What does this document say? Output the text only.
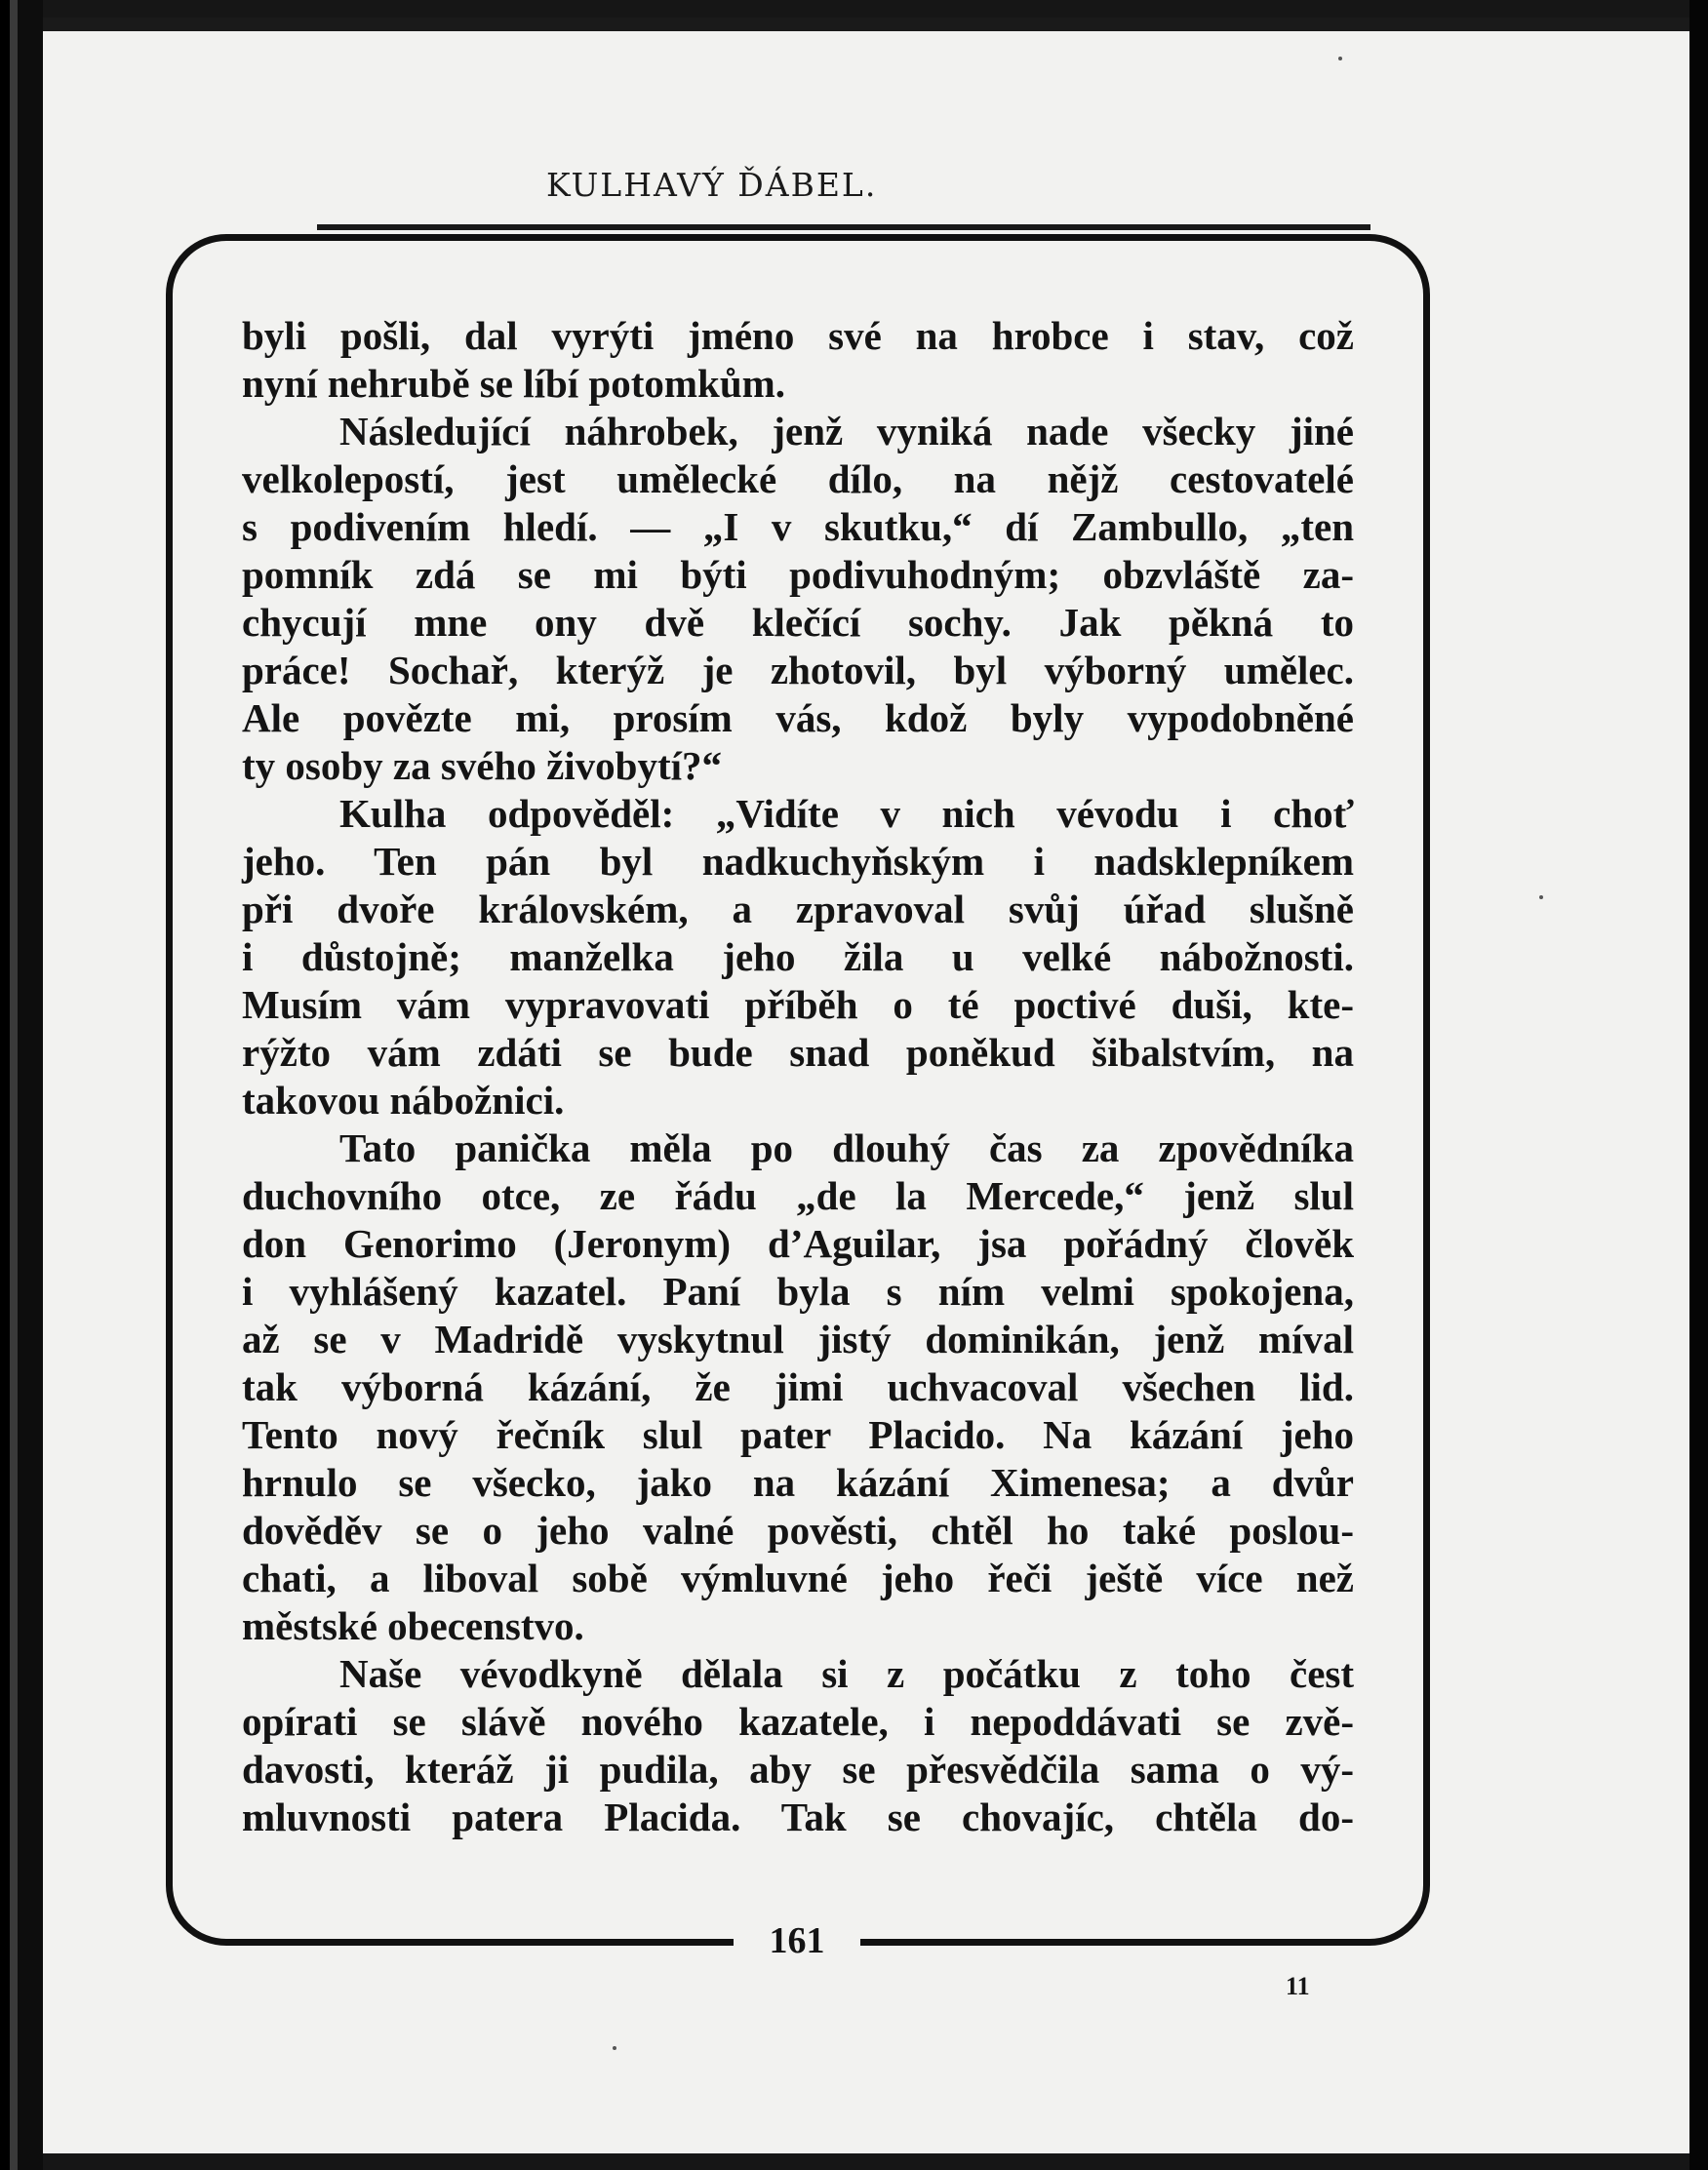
KULHAVÝ ĎÁBEL.
byli pošli, dal vyrýti jméno své na hrobce i stav, což
nyní nehrubě se líbí potomkům.
Následující náhrobek, jenž vyniká nade všecky jiné
velkolepostí, jest umělecké dílo, na nějž cestovatelé
s podivením hledí. — „I v skutku,“ dí Zambullo, „ten
pomník zdá se mi býti podivuhodným; obzvláště za-
chycují mne ony dvě klečící sochy. Jak pěkná to
práce! Sochař, kterýž je zhotovil, byl výborný umělec.
Ale povězte mi, prosím vás, kdož byly vypodobněné
ty osoby za svého živobytí?“
Kulha odpověděl: „Vidíte v nich vévodu i choť
jeho. Ten pán byl nadkuchyňským i nadsklepníkem
při dvoře královském, a zpravoval svůj úřad slušně
i důstojně; manželka jeho žila u velké nábožnosti.
Musím vám vypravovati příběh o té poctivé duši, kte-
rýžto vám zdáti se bude snad poněkud šibalstvím, na
takovou nábožnici.
Tato panička měla po dlouhý čas za zpovědníka
duchovního otce, ze řádu „de la Mercede,“ jenž slul
don Genorimo (Jeronym) d’Aguilar, jsa pořádný člověk
i vyhlášený kazatel. Paní byla s ním velmi spokojena,
až se v Madridě vyskytnul jistý dominikán, jenž míval
tak výborná kázání, že jimi uchvacoval všechen lid.
Tento nový řečník slul pater Placido. Na kázání jeho
hrnulo se všecko, jako na kázání Ximenesa; a dvůr
dověděv se o jeho valné pověsti, chtěl ho také poslou-
chati, a liboval sobě výmluvné jeho řeči ještě více než
městské obecenstvo.
Naše vévodkyně dělala si z počátku z toho čest
opírati se slávě nového kazatele, i nepoddávati se zvě-
davosti, kteráž ji pudila, aby se přesvědčila sama o vý-
mluvnosti patera Placida. Tak se chovajíc, chtěla do-
161
11
